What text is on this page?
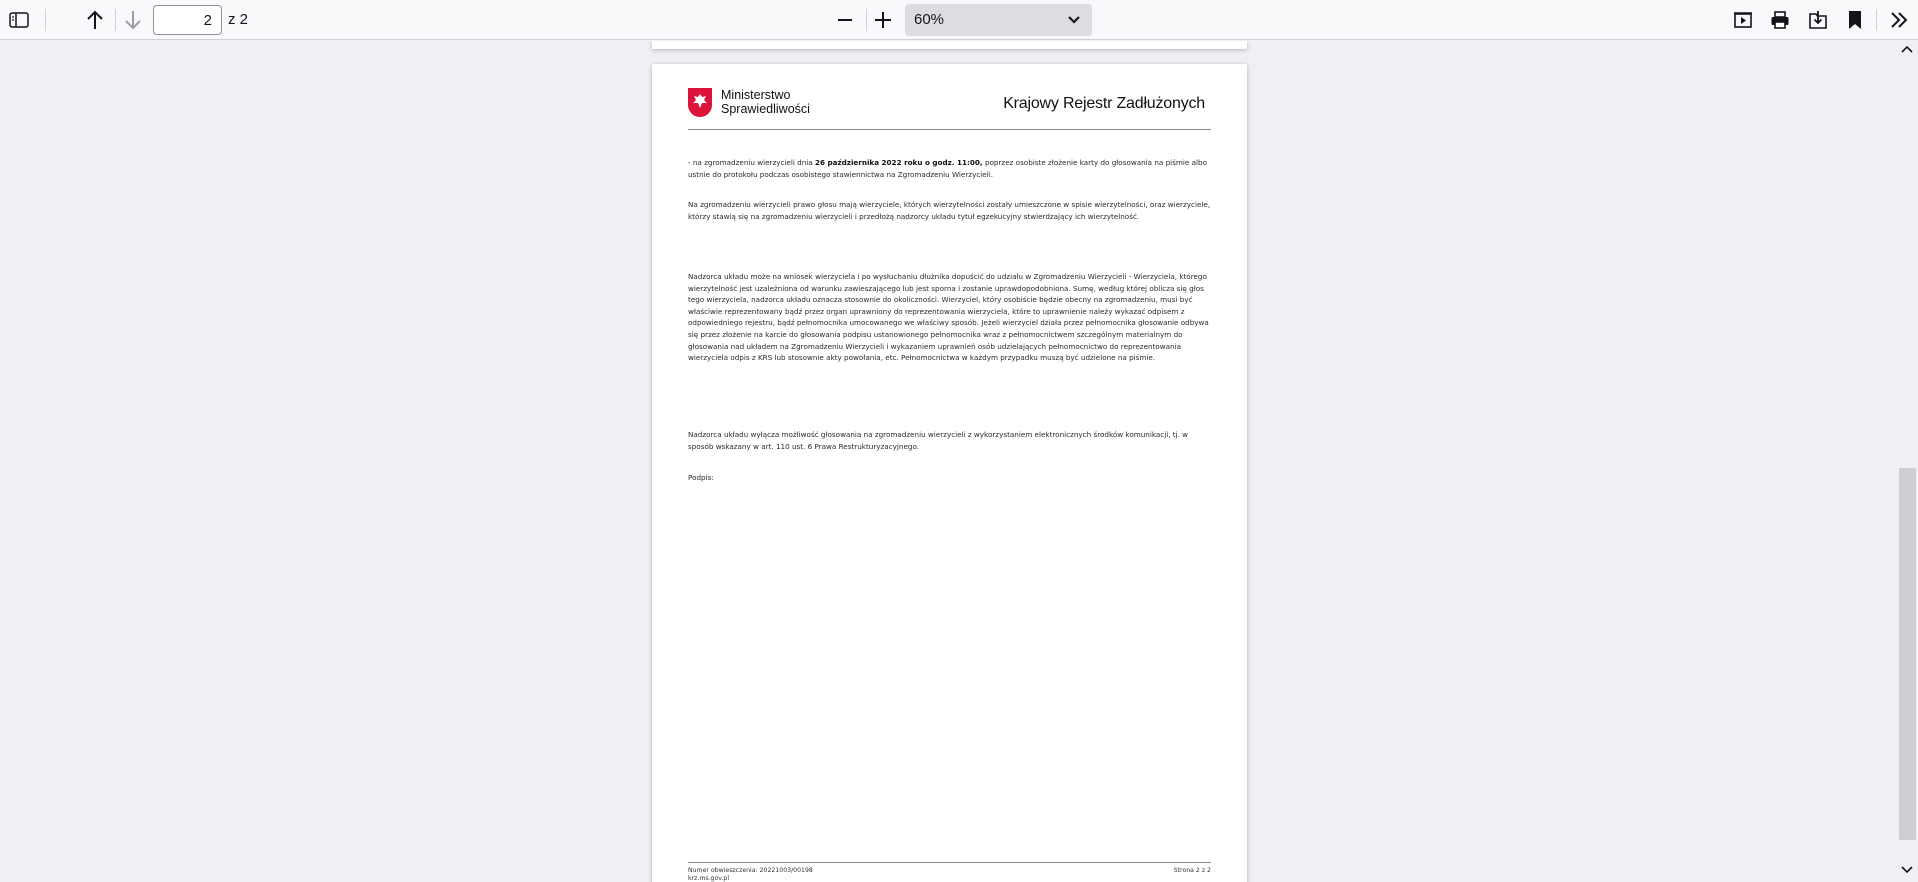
2
z 2	60%
Ministerstwo
Sprawiedliwości	Krajowy Rejestr Zadłużonych

- na zgromadzeniu wierzycieli dnia 26 października 2022 roku o godz. 11:00, poprzez osobiste złożenie karty do głosowania na piśmie albo ustnie do protokołu podczas osobistego stawiennictwa na Zgromadzeniu Wierzycieli.

Na zgromadzeniu wierzycieli prawo głosu mają wierzyciele, których wierzytelności zostały umieszczone w spisie wierzytelności, oraz wierzyciele, którzy stawią się na zgromadzeniu wierzycieli i przedłożą nadzorcy układu tytuł egzekucyjny stwierdzający ich wierzytelność.

Nadzorca układu może na wniosek wierzyciela i po wysłuchaniu dłużnika dopuścić do udziału w Zgromadzeniu Wierzycieli - Wierzyciela, którego wierzytelność jest uzależniona od warunku zawieszającego lub jest sporna i zostanie uprawdopodobniona. Sumę, według której oblicza się głos tego wierzyciela, nadzorca układu oznacza stosownie do okoliczności. Wierzyciel, który osobiście będzie obecny na zgromadzeniu, musi być właściwie reprezentowany bądź przez organ uprawniony do reprezentowania wierzyciela, które to uprawnienie należy wykazać odpisem z odpowiedniego rejestru, bądź pełnomocnika umocowanego we właściwy sposób. Jeżeli wierzyciel działa przez pełnomocnika głosowanie odbywa się przez złożenie na karcie do głosowania podpisu ustanowionego pełnomocnika wraz z pełnomocnictwem szczególnym materialnym do głosowania nad układem na Zgromadzeniu Wierzycieli i wykazaniem uprawnień osób udzielających pełnomocnictwo do reprezentowania wierzyciela odpis z KRS lub stosownie akty powołania, etc. Pełnomocnictwa w każdym przypadku muszą być udzielone na piśmie.

Nadzorca układu wyłącza możliwość głosowania na zgromadzeniu wierzycieli z wykorzystaniem elektronicznych środków komunikacji, tj. w sposób wskazany w art. 110 ust. 6 Prawa Restrukturyzacyjnego.

Podpis:

Numer obwieszczenia: 20221003/00198
krz.ms.gov.pl
Strona 2 z 2
